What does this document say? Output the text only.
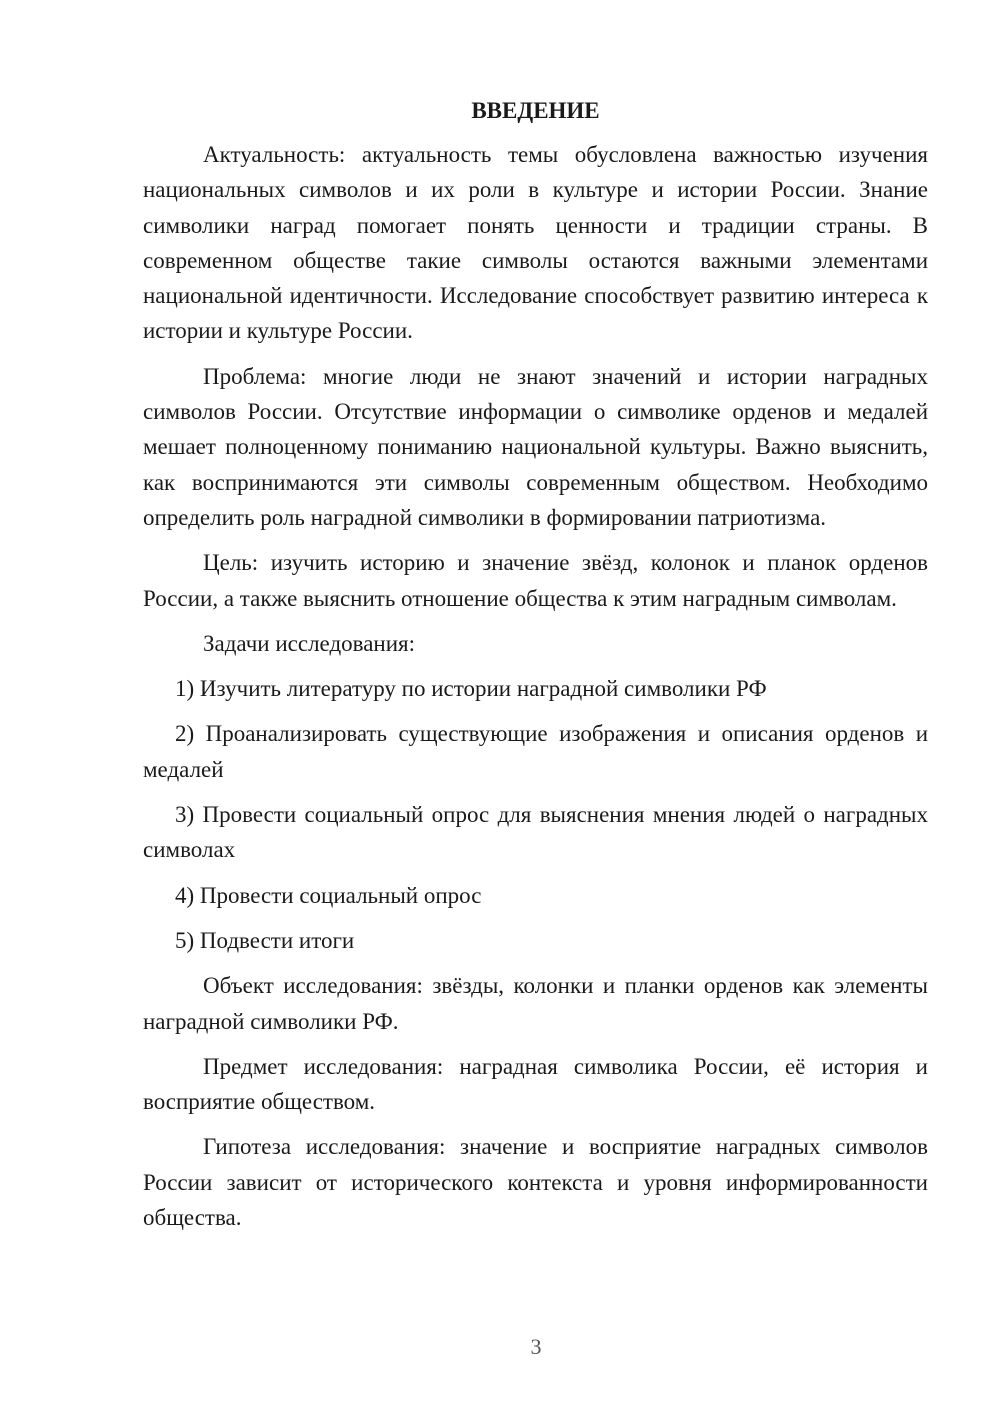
ВВЕДЕНИЕ

Актуальность: актуальность темы обусловлена важностью изучения национальных символов и их роли в культуре и истории России. Знание символики наград помогает понять ценности и традиции страны. В современном обществе такие символы остаются важными элементами национальной идентичности. Исследование способствует развитию интереса к истории и культуре России.

Проблема: многие люди не знают значений и истории наградных символов России. Отсутствие информации о символике орденов и медалей мешает полноценному пониманию национальной культуры. Важно выяснить, как воспринимаются эти символы современным обществом. Необходимо определить роль наградной символики в формировании патриотизма.

Цель: изучить историю и значение звёзд, колонок и планок орденов России, а также выяснить отношение общества к этим наградным символам.

Задачи исследования:

1) Изучить литературу по истории наградной символики РФ

2) Проанализировать существующие изображения и описания орденов и медалей

3) Провести социальный опрос для выяснения мнения людей о наградных символах

4) Провести социальный опрос

5) Подвести итоги

Объект исследования: звёзды, колонки и планки орденов как элементы наградной символики РФ.

Предмет исследования: наградная символика России, её история и восприятие обществом.

Гипотеза исследования: значение и восприятие наградных символов России зависит от исторического контекста и уровня информированности общества.

3
